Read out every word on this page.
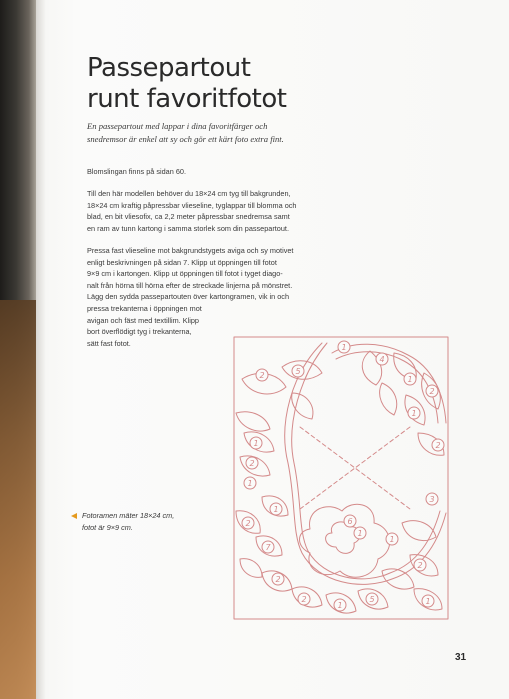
Passepartout
runt favoritfotot
En passepartout med lappar i dina favoritfärger och
snedremsor är enkel att sy och gör ett kärt foto extra fint.
Blomslingan finns på sidan 60.
Till den här modellen behöver du 18×24 cm tyg till bakgrunden,
18×24 cm kraftig påpressbar vlieseline, tyglappar till blomma och
blad, en bit vliesofix, ca 2,2 meter påpressbar snedremsa samt
en ram av tunn kartong i samma storlek som din passepartout.
Pressa fast vlieseline mot bakgrundstygets aviga och sy motivet
enligt beskrivningen på sidan 7. Klipp ut öppningen till fotot
9×9 cm i kartongen. Klipp ut öppningen till fotot i tyget diago-
nalt från hörna till hörna efter de streckade linjerna på mönstret.
Lägg den sydda passepartouten över kartongramen, vik in och
pressa trekanterna i öppningen mot
avigan och fäst med textillim. Klipp
bort överflödigt tyg i trekanterna,
sätt fast fotot.
Fotoramen mäter 18×24 cm,
fotot är 9×9 cm.
1
4
2	5
1
2
1
2
1
2
1
3
6
1
2
7
1
1
2
2
1
5
2
1
31
